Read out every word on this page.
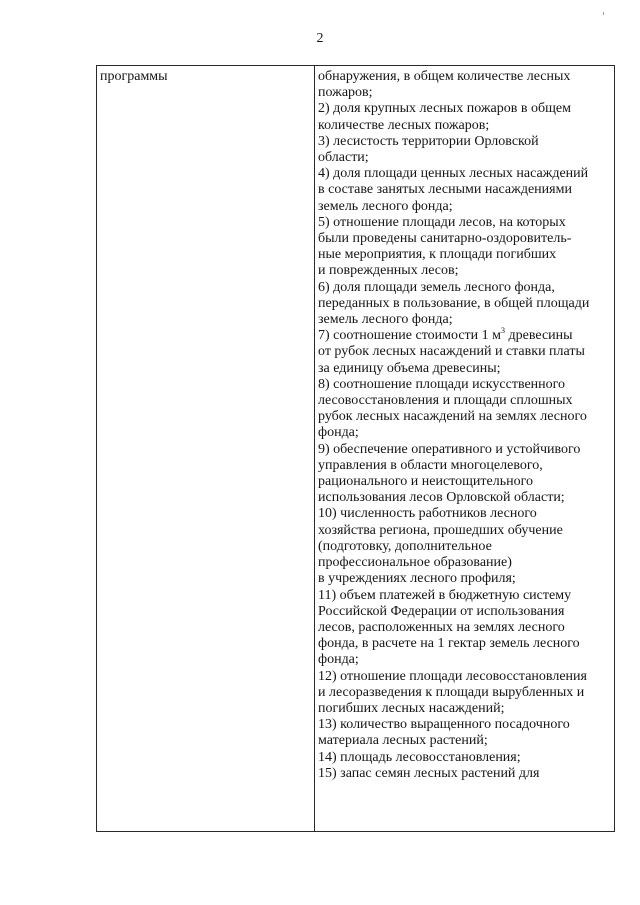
2
программы	обнаружения, в общем количестве лесных
пожаров;
2) доля крупных лесных пожаров в общем
количестве лесных пожаров;
3) лесистость территории Орловской
области;
4) доля площади ценных лесных насаждений
в составе занятых лесными насаждениями
земель лесного фонда;
5) отношение площади лесов, на которых
были проведены санитарно-оздоровитель-
ные мероприятия, к площади погибших
и поврежденных лесов;
6) доля площади земель лесного фонда,
переданных в пользование, в общей площади
земель лесного фонда;
7) соотношение стоимости 1 $м^3$ древесины
от рубок лесных насаждений и ставки платы
за единицу объема древесины;
8) соотношение площади искусственного
лесовосстановления и площади сплошных
рубок лесных насаждений на землях лесного
фонда;
9) обеспечение оперативного и устойчивого
управления в области многоцелевого,
рационального и неистощительного
использования лесов Орловской области;
10) численность работников лесного
хозяйства региона, прошедших обучение
(подготовку, дополнительное
профессиональное образование)
в учреждениях лесного профиля;
11) объем платежей в бюджетную систему
Российской Федерации от использования
лесов, расположенных на землях лесного
фонда, в расчете на 1 гектар земель лесного
фонда;
12) отношение площади лесовосстановления
и лесоразведения к площади вырубленных и
погибших лесных насаждений;
13) количество выращенного посадочного
материала лесных растений;
14) площадь лесовосстановления;
15) запас семян лесных растений для
